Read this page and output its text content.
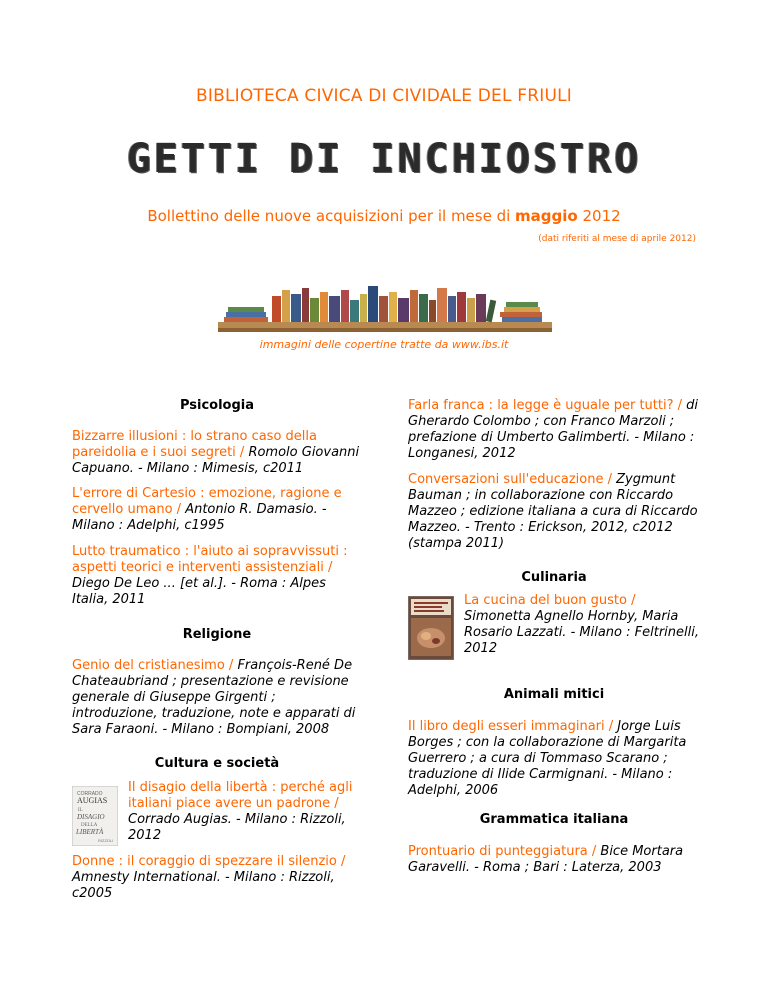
BIBLIOTECA CIVICA DI CIVIDALE DEL FRIULI
GETTI DI INCHIOSTRO
Bollettino delle nuove acquisizioni per il mese di maggio 2012
(dati riferiti al mese di aprile 2012)
immagini delle copertine tratte da www.ibs.it
Psicologia
Bizzarre illusioni : lo strano caso della pareidolia e i suoi segreti / Romolo Giovanni Capuano. - Milano : Mimesis, c2011
L'errore di Cartesio : emozione, ragione e cervello umano / Antonio R. Damasio. - Milano : Adelphi, c1995
Lutto traumatico : l'aiuto ai sopravvissuti : aspetti teorici e interventi assistenziali / Diego De Leo ... [et al.]. - Roma : Alpes Italia, 2011
Religione
Genio del cristianesimo / François-René De Chateaubriand ; presentazione e revisione generale di Giuseppe Girgenti ; introduzione, traduzione, note e apparati di Sara Faraoni. - Milano : Bompiani, 2008
Cultura e società
CORRADO
AUGIAS
IL
DISAGIO
DELLA
LIBERTÀ
RIZZOLI
Il disagio della libertà : perché agli italiani piace avere un padrone / Corrado Augias. - Milano : Rizzoli, 2012
Donne : il coraggio di spezzare il silenzio / Amnesty International. - Milano : Rizzoli, c2005
Farla franca : la legge è uguale per tutti? / di Gherardo Colombo ; con Franco Marzoli ; prefazione di Umberto Galimberti. - Milano : Longanesi, 2012
Conversazioni sull'educazione / Zygmunt Bauman ; in collaborazione con Riccardo Mazzeo ; edizione italiana a cura di Riccardo Mazzeo. - Trento : Erickson, 2012, c2012 (stampa 2011)
Culinaria
La cucina del buon gusto / Simonetta Agnello Hornby, Maria Rosario Lazzati. - Milano : Feltrinelli, 2012
Animali mitici
Il libro degli esseri immaginari / Jorge Luis Borges ; con la collaborazione di Margarita Guerrero ; a cura di Tommaso Scarano ; traduzione di Ilide Carmignani. - Milano : Adelphi, 2006
Grammatica italiana
Prontuario di punteggiatura / Bice Mortara Garavelli. - Roma ; Bari : Laterza, 2003
